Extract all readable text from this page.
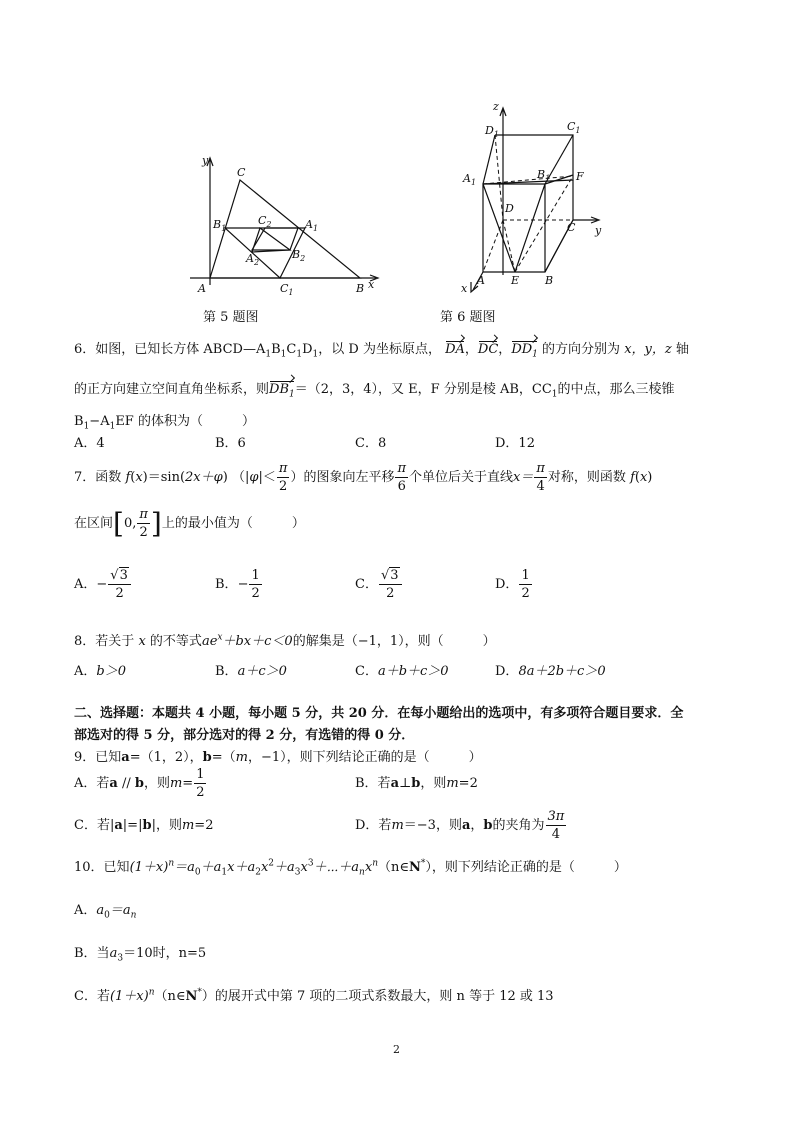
y
x
C
$B_1$
$C_2$	$A_1$
$A_2$
$B_2$
A	$C_1$	B
第 5 题图
z
$D_1$
$C_1$
$A_1$
$B_1$ F
D
C y
x
A E B
第 6 题图
6．如图，已知长方体 $ABCD—A_1B_1C_1D_1$，以 D 为坐标原点， DA，DC，$DD_1$ 的方向分别为 x，y，z 轴
的正方向建立空间直角坐标系，则$DB_1=(2$，3，4），又 E，F 分别是棱 AB，$CC_1$的中点，那么三棱锥
$B_1-A_1EF$ 的体积为（　　　）
A．4	B．6	C．8	D．12
7．函数 f(x)＝sin(2x＋φ) （$|\varphi|< \frac{\pi}{2}$ ）的图象向左平移 $\frac{\pi}{6}$ 个单位后关于直线$x= \frac{\pi}{4}$ 对称，则函数 f(x)
在区间[0, $\frac{\pi}{2}$ ]上的最小值为（　　　）
A．− $\frac{√3}{2}$	B．− $\frac{1}{2}$	C． $\frac{√3}{2}$	D． $\frac{1}{2}$
8．若关于 x 的不等式$ae^x+bx+c<0$的解集是（−1，1），则（　　　）
A．b＞0	B．a＋c＞0	C．a＋b＋c＞0	D．8a＋2b＋c＞0
二、选择题：本题共 4 小题，每小题 5 分，共 20 分．在每小题给出的选项中，有多项符合题目要求．全
部选对的得 5 分，部分选对的得 2 分，有选错的得 0 分．
9．已知a=（1，2），b=（m，−1），则下列结论正确的是（　　　）
A．若a // b，则$m= \frac{1}{2}$	B．若a⊥b，则m=2
C．若|a|=|b|，则m=2	D．若m＝−3，则a，b的夹角为 $\frac{3\pi}{4}$
10．已知$(1+x)^n=a_0+a_1x+a_2x^2+a_3x^3+\cdots+a_nx^n(n\in N^*)$，则下列结论正确的是（　　　）
A．$a_0=a_n$
B．当$a_3=10$时，n=5
C．若$(1+x)^n(n\in N^*)$的展开式中第 7 项的二项式系数最大，则 n 等于 12 或 13
2
